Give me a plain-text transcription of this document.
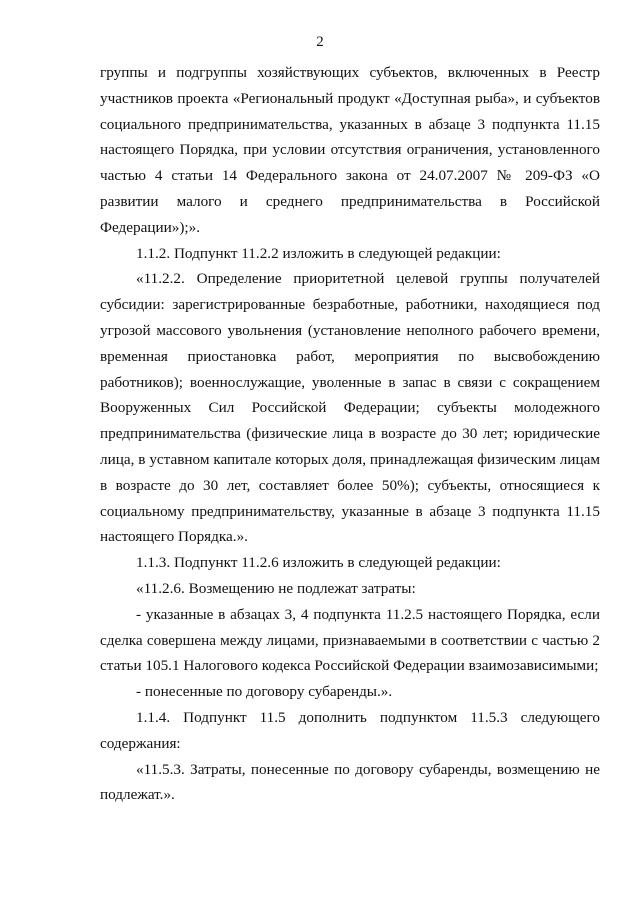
2

группы и подгруппы хозяйствующих субъектов, включенных в Реестр участников проекта «Региональный продукт «Доступная рыба», и субъектов социального предпринимательства, указанных в абзаце 3 подпункта 11.15 настоящего Порядка, при условии отсутствия ограничения, установленного частью 4 статьи 14 Федерального закона от 24.07.2007 № 209-ФЗ «О развитии малого и среднего предпринимательства в Российской Федерации»);».

1.1.2. Подпункт 11.2.2 изложить в следующей редакции:

«11.2.2. Определение приоритетной целевой группы получателей субсидии: зарегистрированные безработные, работники, находящиеся под угрозой массового увольнения (установление неполного рабочего времени, временная приостановка работ, мероприятия по высвобождению работников); военнослужащие, уволенные в запас в связи с сокращением Вооруженных Сил Российской Федерации; субъекты молодежного предпринимательства (физические лица в возрасте до 30 лет; юридические лица, в уставном капитале которых доля, принадлежащая физическим лицам в возрасте до 30 лет, составляет более 50%); субъекты, относящиеся к социальному предпринимательству, указанные в абзаце 3 подпункта 11.15 настоящего Порядка.».

1.1.3. Подпункт 11.2.6 изложить в следующей редакции:

«11.2.6. Возмещению не подлежат затраты:

- указанные в абзацах 3, 4 подпункта 11.2.5 настоящего Порядка, если сделка совершена между лицами, признаваемыми в соответствии с частью 2 статьи 105.1 Налогового кодекса Российской Федерации взаимозависимыми;

- понесенные по договору субаренды.».

1.1.4. Подпункт 11.5 дополнить подпунктом 11.5.3 следующего содержания:

«11.5.3. Затраты, понесенные по договору субаренды, возмещению не подлежат.».
